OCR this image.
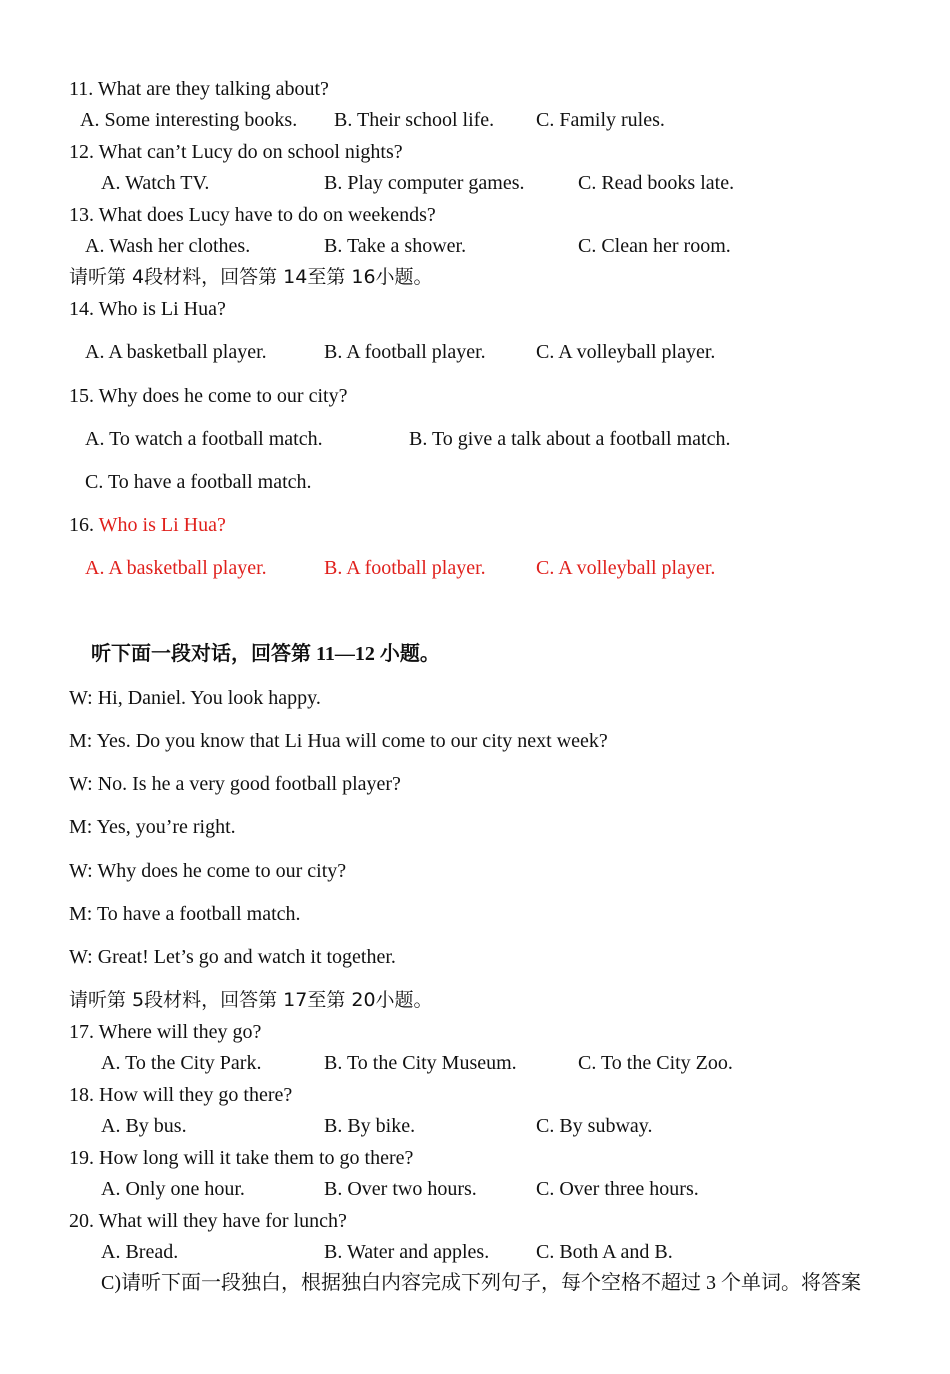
11. What are they talking about?
A. Some interesting books. B. Their school life. C. Family rules.
12. What can’t Lucy do on school nights?
A. Watch TV.	B. Play computer games.	C. Read books late.
13. What does Lucy have to do on weekends?
A. Wash her clothes.	B. Take a shower.	C. Clean her room.
请听第 4段材料，回答第 14至第 16小题。
14. Who is Li Hua?
A. A basketball player.	B. A football player.	C. A volleyball player.
15. Why does he come to our city?
A. To watch a football match.	B. To give a talk about a football match.
C. To have a football match.
16. Who is Li Hua?
A. A basketball player.	B. A football player.	C. A volleyball player.
听下面一段对话，回答第 11—12 小题。
W: Hi, Daniel. You look happy.
M: Yes. Do you know that Li Hua will come to our city next week?
W: No. Is he a very good football player?
M: Yes, you’re right.
W: Why does he come to our city?
M: To have a football match.
W: Great! Let’s go and watch it together.
请听第 5段材料，回答第 17至第 20小题。
17. Where will they go?
A. To the City Park.	B. To the City Museum.	C. To the City Zoo.
18. How will they go there?
A. By bus.	B. By bike.	C. By subway.
19. How long will it take them to go there?
A. Only one hour.	B. Over two hours.	C. Over three hours.
20. What will they have for lunch?
A. Bread.	B. Water and apples. C. Both A and B.
C)请听下面一段独白，根据独白内容完成下列句子，每个空格不超过 3 个单词。将答案
